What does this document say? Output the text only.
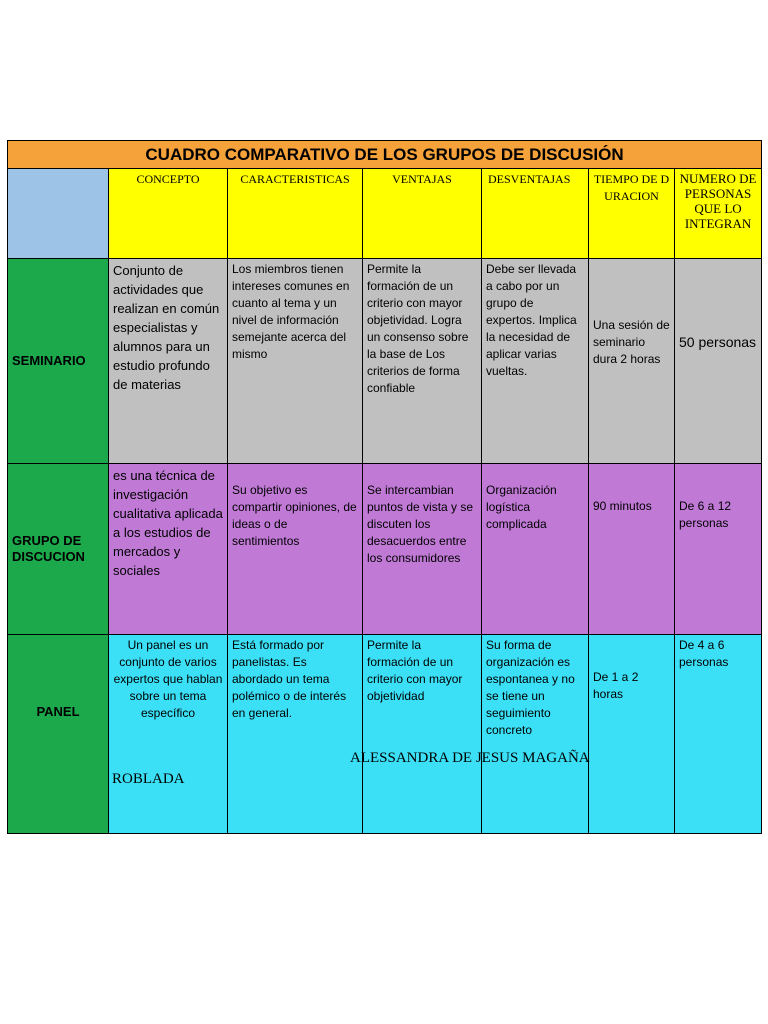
CUADRO COMPARATIVO DE LOS GRUPOS DE DISCUSIÓN						
	CONCEPTO	CARACTERISTICAS	VENTAJAS	DESVENTAJAS	TIEMPO DE DURACION	NUMERO DE PERSONAS QUE LO INTEGRAN
SEMINARIO	Conjunto de actividades que realizan en común especialistas y alumnos para un estudio profundo de materias	Los miembros tienen intereses comunes en cuanto al tema y un nivel de información semejante acerca del mismo	Permite la formación de un criterio con mayor objetividad. Logra un consenso sobre la base de Los criterios de forma confiable	Debe ser llevada a cabo por un grupo de expertos. Implica la necesidad de aplicar varias vueltas.	Una sesión de seminario dura 2 horas	50 personas
GRUPO DE DISCUCION	es una técnica de investigación cualitativa aplicada a los estudios de mercados y sociales	Su objetivo es compartir opiniones, de ideas o de sentimientos	Se intercambian puntos de vista y se discuten los desacuerdos entre los consumidores	Organización logística complicada	90 minutos	De 6 a 12 personas
PANEL	Un panel es un conjunto de varios expertos que hablan sobre un tema específico	Está formado por panelistas. Es abordado un tema polémico o de interés en general.	Permite la formación de un criterio con mayor objetividad	Su forma de organización es espontanea y no se tiene un seguimiento concreto	De 1 a 2 horas	De 4 a 6 personas
ALESSANDRA DE JESUS MAGAÑA
ROBLADA
